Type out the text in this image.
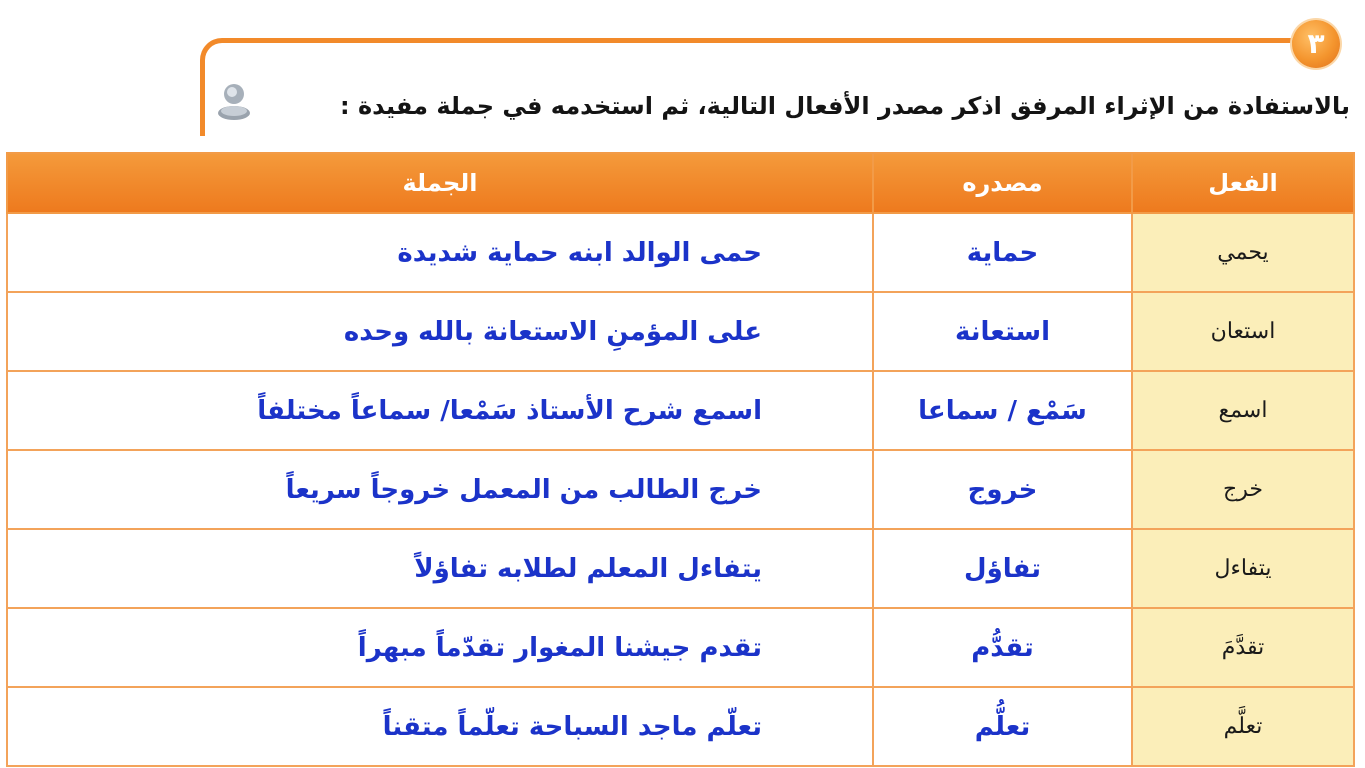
٣
بالاستفادة من الإثراء المرفق اذكر مصدر الأفعال التالية، ثم استخدمه في جملة مفيدة :
الفعل	مصدره	الجملة
يحمي	حماية	حمى الوالد ابنه حماية شديدة
استعان	استعانة	على المؤمنِ الاستعانة بالله وحده
اسمع	سَمْع / سماعا	اسمع شرح الأستاذ سَمْعا/ سماعاً مختلفاً
خرج	خروج	خرج الطالب من المعمل خروجاً سريعاً
يتفاءل	تفاؤل	يتفاءل المعلم لطلابه تفاؤلاً
تقدَّمَ	تقدُّم	تقدم جيشنا المغوار تقدّماً مبهراً
تعلَّم	تعلُّم	تعلّم ماجد السباحة تعلّماً متقناً
